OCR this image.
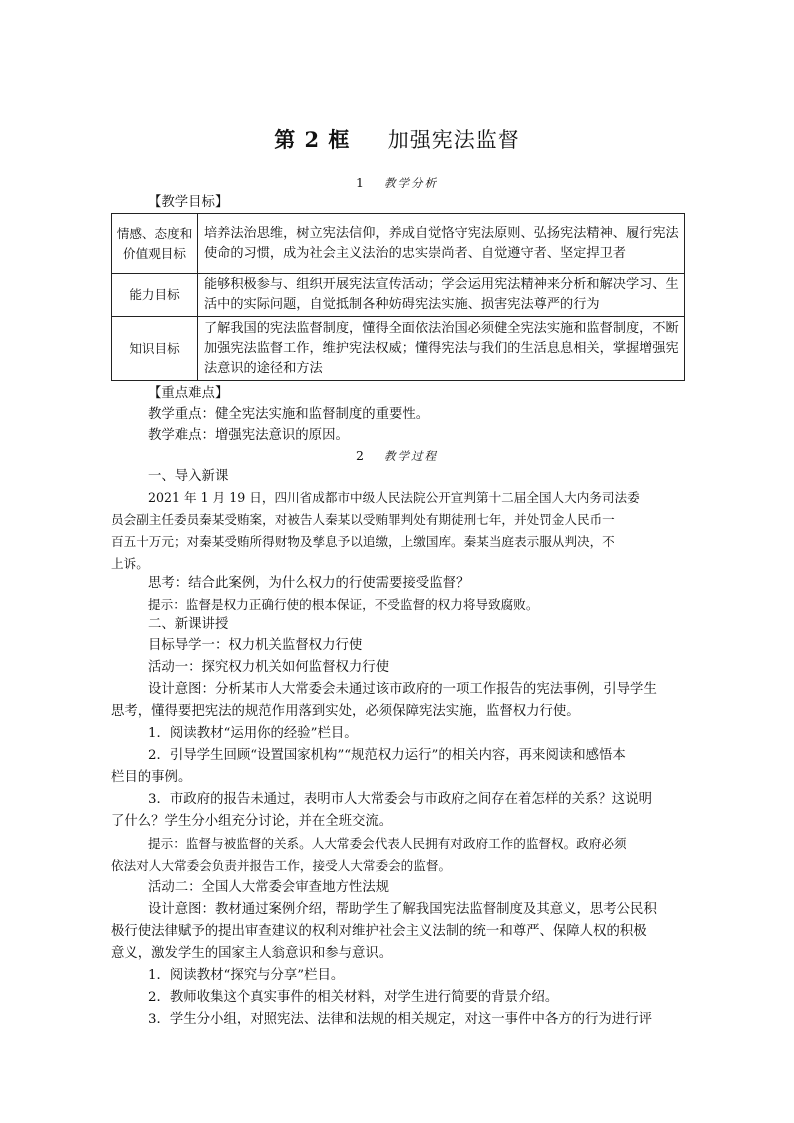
第 2 框 加强宪法监督
1 教学分析
【教学目标】
情感、态度和价值观目标	培养法治思维，树立宪法信仰，养成自觉恪守宪法原则、弘扬宪法精神、履行宪法使命的习惯，成为社会主义法治的忠实崇尚者、自觉遵守者、坚定捍卫者
能力目标	能够积极参与、组织开展宪法宣传活动；学会运用宪法精神来分析和解决学习、生活中的实际问题，自觉抵制各种妨碍宪法实施、损害宪法尊严的行为
知识目标	了解我国的宪法监督制度，懂得全面依法治国必须健全宪法实施和监督制度，不断加强宪法监督工作，维护宪法权威；懂得宪法与我们的生活息息相关，掌握增强宪法意识的途径和方法
【重点难点】
教学重点：健全宪法实施和监督制度的重要性。
教学难点：增强宪法意识的原因。
2 教学过程
一、导入新课
2021 年 1 月 19 日，四川省成都市中级人民法院公开宣判第十二届全国人大内务司法委
员会副主任委员秦某受贿案，对被告人秦某以受贿罪判处有期徒刑七年，并处罚金人民币一
百五十万元；对秦某受贿所得财物及孳息予以追缴，上缴国库。秦某当庭表示服从判决，不
上诉。
思考：结合此案例，为什么权力的行使需要接受监督？
提示：监督是权力正确行使的根本保证，不受监督的权力将导致腐败。
二、新课讲授
目标导学一：权力机关监督权力行使
活动一：探究权力机关如何监督权力行使
设计意图：分析某市人大常委会未通过该市政府的一项工作报告的宪法事例，引导学生
思考，懂得要把宪法的规范作用落到实处，必须保障宪法实施，监督权力行使。
1．阅读教材“运用你的经验”栏目。
2．引导学生回顾“设置国家机构”“规范权力运行”的相关内容，再来阅读和感悟本
栏目的事例。
3．市政府的报告未通过，表明市人大常委会与市政府之间存在着怎样的关系？这说明
了什么？学生分小组充分讨论，并在全班交流。
提示：监督与被监督的关系。人大常委会代表人民拥有对政府工作的监督权。政府必须
依法对人大常委会负责并报告工作，接受人大常委会的监督。
活动二：全国人大常委会审查地方性法规
设计意图：教材通过案例介绍，帮助学生了解我国宪法监督制度及其意义，思考公民积
极行使法律赋予的提出审查建议的权利对维护社会主义法制的统一和尊严、保障人权的积极
意义，激发学生的国家主人翁意识和参与意识。
1．阅读教材“探究与分享”栏目。
2．教师收集这个真实事件的相关材料，对学生进行简要的背景介绍。
3．学生分小组，对照宪法、法律和法规的相关规定，对这一事件中各方的行为进行评
